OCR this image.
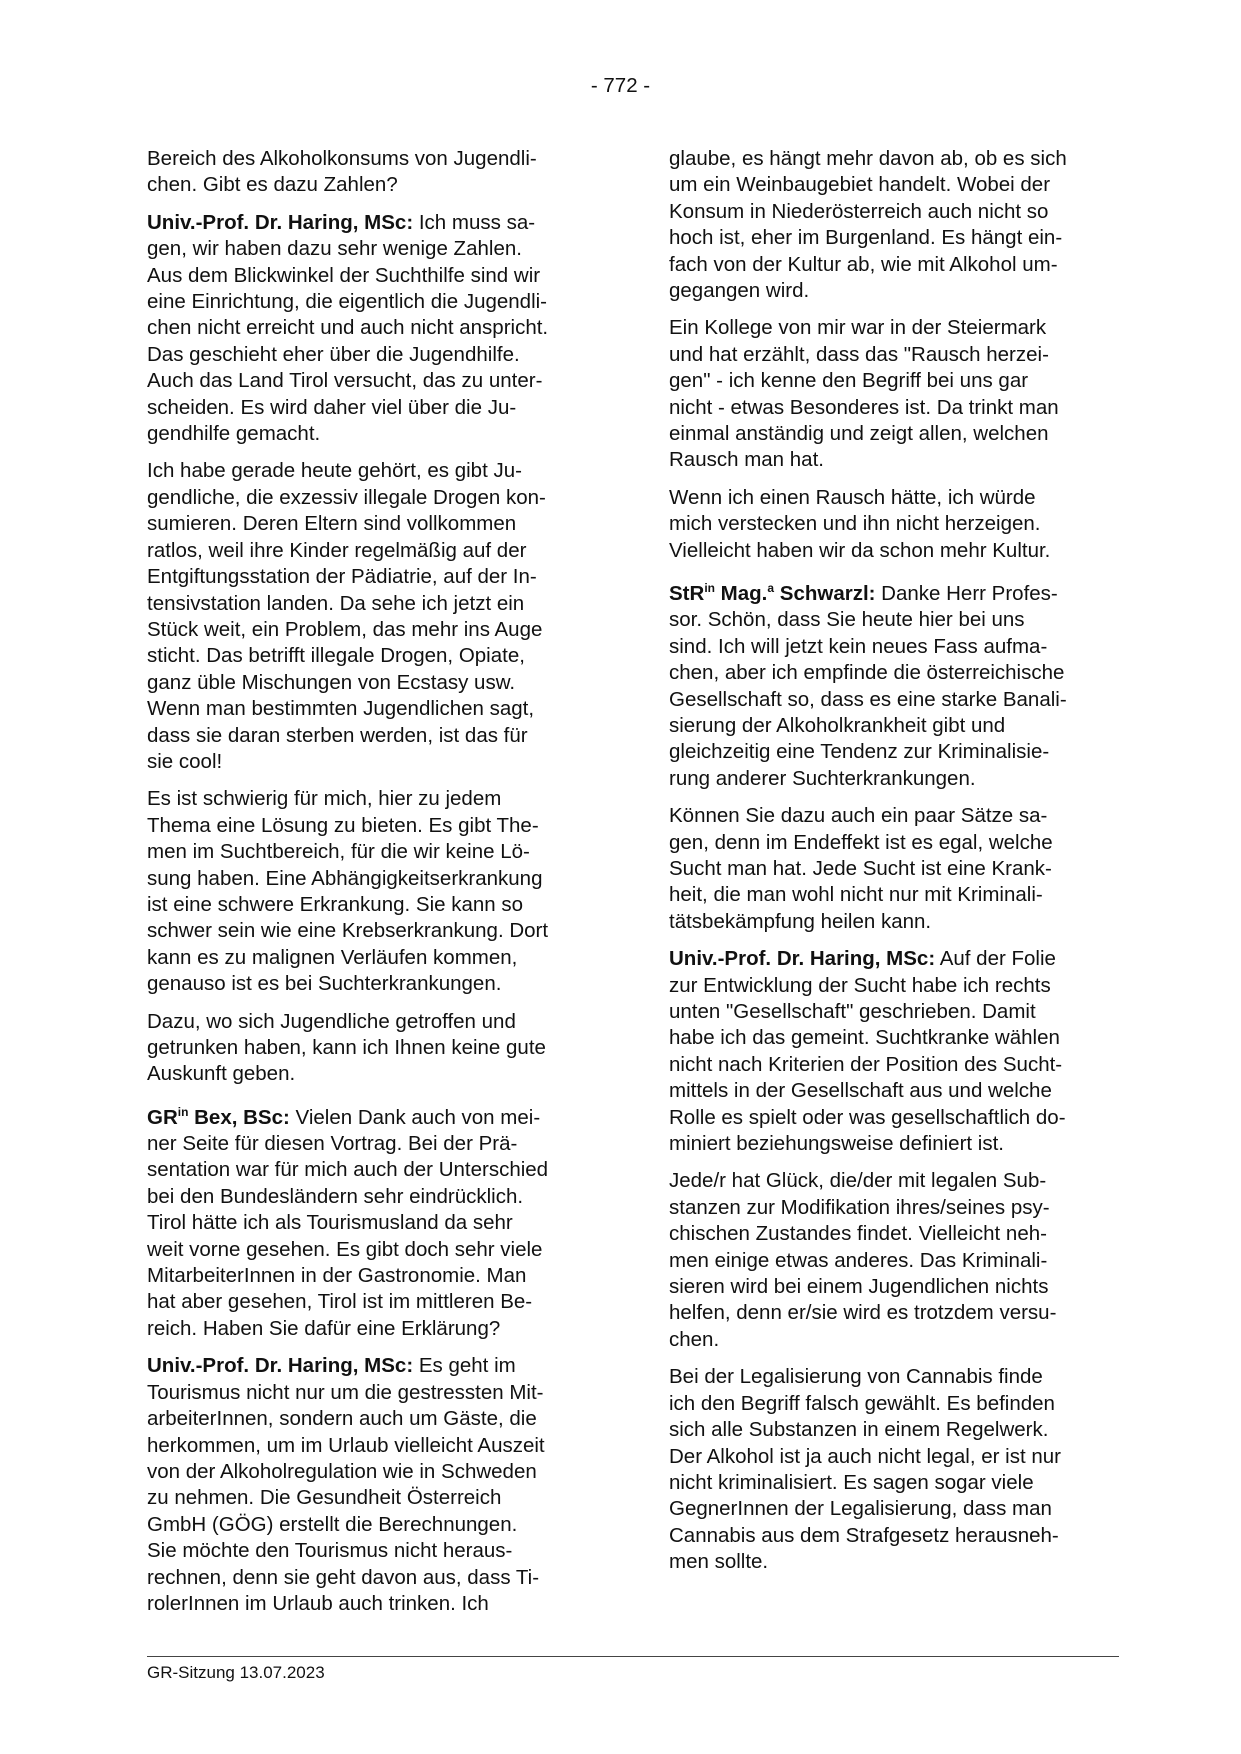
- 772 -

Bereich des Alkoholkonsums von Jugendli-
chen. Gibt es dazu Zahlen?

Univ.-Prof. Dr. Haring, MSc: Ich muss sa-
gen, wir haben dazu sehr wenige Zahlen.
Aus dem Blickwinkel der Suchthilfe sind wir
eine Einrichtung, die eigentlich die Jugendli-
chen nicht erreicht und auch nicht anspricht.
Das geschieht eher über die Jugendhilfe.
Auch das Land Tirol versucht, das zu unter-
scheiden. Es wird daher viel über die Ju-
gendhilfe gemacht.

Ich habe gerade heute gehört, es gibt Ju-
gendliche, die exzessiv illegale Drogen kon-
sumieren. Deren Eltern sind vollkommen
ratlos, weil ihre Kinder regelmäßig auf der
Entgiftungsstation der Pädiatrie, auf der In-
tensivstation landen. Da sehe ich jetzt ein
Stück weit, ein Problem, das mehr ins Auge
sticht. Das betrifft illegale Drogen, Opiate,
ganz üble Mischungen von Ecstasy usw.
Wenn man bestimmten Jugendlichen sagt,
dass sie daran sterben werden, ist das für
sie cool!

Es ist schwierig für mich, hier zu jedem
Thema eine Lösung zu bieten. Es gibt The-
men im Suchtbereich, für die wir keine Lö-
sung haben. Eine Abhängigkeitserkrankung
ist eine schwere Erkrankung. Sie kann so
schwer sein wie eine Krebserkrankung. Dort
kann es zu malignen Verläufen kommen,
genauso ist es bei Suchterkrankungen.

Dazu, wo sich Jugendliche getroffen und
getrunken haben, kann ich Ihnen keine gute
Auskunft geben.

$GR^{in}$ Bex, BSc: Vielen Dank auch von mei-
ner Seite für diesen Vortrag. Bei der Prä-
sentation war für mich auch der Unterschied
bei den Bundesländern sehr eindrücklich.
Tirol hätte ich als Tourismusland da sehr
weit vorne gesehen. Es gibt doch sehr viele
MitarbeiterInnen in der Gastronomie. Man
hat aber gesehen, Tirol ist im mittleren Be-
reich. Haben Sie dafür eine Erklärung?

Univ.-Prof. Dr. Haring, MSc: Es geht im
Tourismus nicht nur um die gestressten Mit-
arbeiterInnen, sondern auch um Gäste, die
herkommen, um im Urlaub vielleicht Auszeit
von der Alkoholregulation wie in Schweden
zu nehmen. Die Gesundheit Österreich
GmbH (GÖG) erstellt die Berechnungen.
Sie möchte den Tourismus nicht heraus-
rechnen, denn sie geht davon aus, dass Ti-
rolerInnen im Urlaub auch trinken. Ich

glaube, es hängt mehr davon ab, ob es sich
um ein Weinbaugebiet handelt. Wobei der
Konsum in Niederösterreich auch nicht so
hoch ist, eher im Burgenland. Es hängt ein-
fach von der Kultur ab, wie mit Alkohol um-
gegangen wird.

Ein Kollege von mir war in der Steiermark
und hat erzählt, dass das "Rausch herzei-
gen" - ich kenne den Begriff bei uns gar
nicht - etwas Besonderes ist. Da trinkt man
einmal anständig und zeigt allen, welchen
Rausch man hat.

Wenn ich einen Rausch hätte, ich würde
mich verstecken und ihn nicht herzeigen.
Vielleicht haben wir da schon mehr Kultur.

StR$^{in}$ Mag.$^a$ Schwarzl: Danke Herr Profes-
sor. Schön, dass Sie heute hier bei uns
sind. Ich will jetzt kein neues Fass aufma-
chen, aber ich empfinde die österreichische
Gesellschaft so, dass es eine starke Banali-
sierung der Alkoholkrankheit gibt und
gleichzeitig eine Tendenz zur Kriminalisie-
rung anderer Suchterkrankungen.

Können Sie dazu auch ein paar Sätze sa-
gen, denn im Endeffekt ist es egal, welche
Sucht man hat. Jede Sucht ist eine Krank-
heit, die man wohl nicht nur mit Kriminali-
tätsbekämpfung heilen kann.

Univ.-Prof. Dr. Haring, MSc: Auf der Folie
zur Entwicklung der Sucht habe ich rechts
unten "Gesellschaft" geschrieben. Damit
habe ich das gemeint. Suchtkranke wählen
nicht nach Kriterien der Position des Sucht-
mittels in der Gesellschaft aus und welche
Rolle es spielt oder was gesellschaftlich do-
miniert beziehungsweise definiert ist.

Jede/r hat Glück, die/der mit legalen Sub-
stanzen zur Modifikation ihres/seines psy-
chischen Zustandes findet. Vielleicht neh-
men einige etwas anderes. Das Kriminali-
sieren wird bei einem Jugendlichen nichts
helfen, denn er/sie wird es trotzdem versu-
chen.

Bei der Legalisierung von Cannabis finde
ich den Begriff falsch gewählt. Es befinden
sich alle Substanzen in einem Regelwerk.
Der Alkohol ist ja auch nicht legal, er ist nur
nicht kriminalisiert. Es sagen sogar viele
GegnerInnen der Legalisierung, dass man
Cannabis aus dem Strafgesetz herausneh-
men sollte.

GR-Sitzung 13.07.2023
